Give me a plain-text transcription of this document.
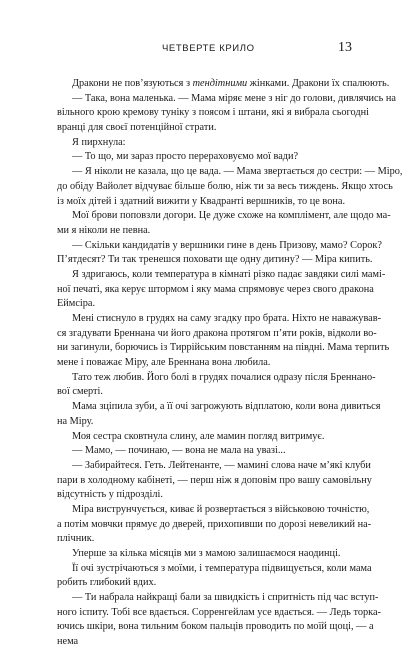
ЧЕТВЕРТЕ КРИЛО	13
Дракони не пов’язуються з тендітними жінками. Дракони їх спалюють.
— Така, вона маленька. — Мама міряє мене з ніг до голови, дивлячись на
вільного крою кремову туніку з поясом і штани, які я вибрала сьогодні
вранці для своєї потенційної страти.
Я пирхнула:
— То що, ми зараз просто перераховуємо мої вади?
— Я ніколи не казала, що це вада. — Мама звертається до сестри: — Міро,
до обіду Вайолет відчуває більше болю, ніж ти за весь тиждень. Якщо хтось
із моїх дітей і здатний вижити у Квадранті вершників, то це вона.
Мої брови поповзли догори. Це дуже схоже на комплімент, але щодо ма-
ми я ніколи не певна.
— Скільки кандидатів у вершники гине в день Призову, мамо? Сорок?
П’ятдесят? Ти так тренешся поховати ще одну дитину? — Міра кипить.
Я здригаюсь, коли температура в кімнаті різко падає завдяки силі мамі-
ної печаті, яка керує штормом і яку мама спрямовує через свого дракона
Еймсіра.
Мені стиснуло в грудях на саму згадку про брата. Ніхто не наважував-
ся згадувати Бреннана чи його дракона протягом п’яти років, відколи во-
ни загинули, борючись із Тиррійським повстанням на півдні. Мама терпить
мене і поважає Міру, але Бреннана вона любила.
Тато теж любив. Його болі в грудях почалися одразу після Бреннано-
вої смерті.
Мама зціпила зуби, а її очі загрожують відплатою, коли вона дивиться
на Міру.
Моя сестра сковтнула слину, але мамин погляд витримує.
— Мамо, — починаю, — вона не мала на увазі...
— Забирайтеся. Геть. Лейтенанте, — мамині слова наче м’які клуби
пари в холодному кабінеті, — перш ніж я доповім про вашу самовільну
відсутність у підрозділі.
Міра виструнчується, киває й розвертається з військовою точністю,
а потім мовчки прямує до дверей, прихопивши по дорозі невеликий на-
плічник.
Уперше за кілька місяців ми з мамою залишаємося наодинці.
Її очі зустрічаються з моїми, і температура підвищується, коли мама
робить глибокий вдих.
— Ти набрала найкращі бали за швидкість і спритність під час вступ-
ного іспиту. Тобі все вдається. Сорренгейлам усе вдається. — Ледь торка-
ючись шкіри, вона тильним боком пальців проводить по моїй щоці, — а
нема
